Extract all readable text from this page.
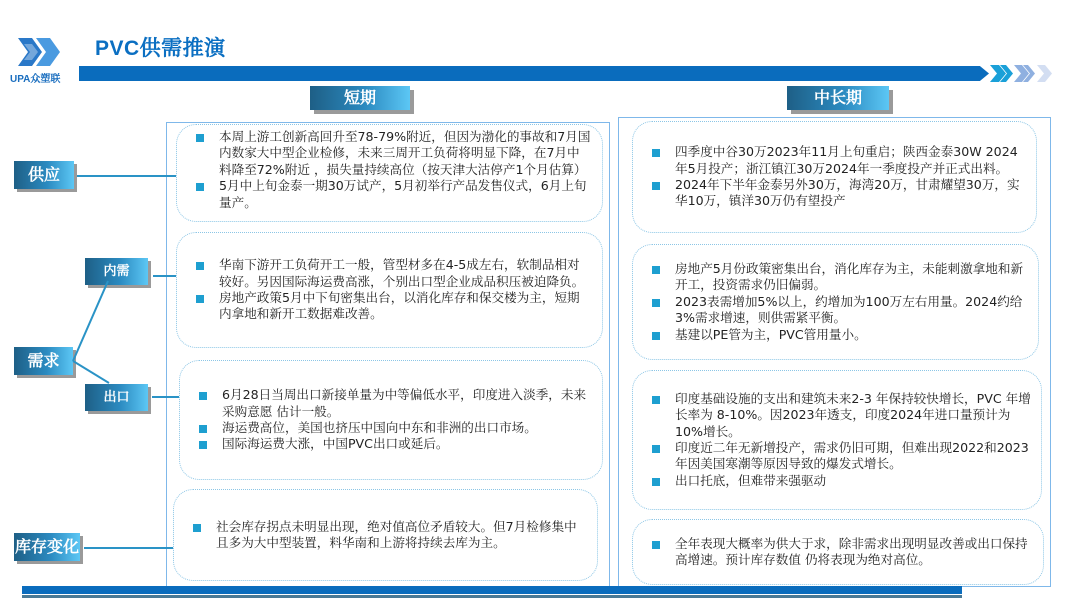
UPA众塑联
PVC供需推演
短期	中长期
供应
内需
需求
出口
库存变化
本周上游工创新高回升至78-79%附近，但因为渤化的事故和7月国内数家大中型企业检修，未来三周开工负荷将明显下降，在7月中料降至72%附近 ，损失量持续高位（按天津大沽停产1个月估算）
5月中上旬金泰一期30万试产，5月初举行产品发售仪式，6月上旬量产。
华南下游开工负荷开工一般，管型材多在4-5成左右，软制品相对较好。另因国际海运费高涨，个别出口型企业成品积压被迫降负。
房地产政策5月中下旬密集出台，以消化库存和保交楼为主，短期内拿地和新开工数据难改善。
6月28日当周出口新接单量为中等偏低水平，印度进入淡季，未来采购意愿 估计一般。
海运费高位，美国也挤压中国向中东和非洲的出口市场。
国际海运费大涨，中国PVC出口或延后。
社会库存拐点未明显出现，绝对值高位矛盾较大。但7月检修集中且多为大中型装置，料华南和上游将持续去库为主。
四季度中谷30万2023年11月上旬重启；陕西金泰30W 2024年5月投产；浙江镇江30万2024年一季度投产并正式出料。
2024年下半年金泰另外30万，海湾20万，甘肃耀望30万，实华10万，镇洋30万仍有望投产
房地产5月份政策密集出台，消化库存为主，未能刺激拿地和新开工，投资需求仍旧偏弱。
2023表需增加5%以上，约增加为100万左右用量。2024约给3%需求增速，则供需紧平衡。
基建以PE管为主，PVC管用量小。
印度基础设施的支出和建筑未来2-3 年保持较快增长，PVC 年增长率为 8-10%。因2023年透支，印度2024年进口量预计为10%增长。
印度近二年无新增投产，需求仍旧可期，但难出现2022和2023年因美国寒潮等原因导致的爆发式增长。
出口托底，但难带来强驱动
全年表现大概率为供大于求，除非需求出现明显改善或出口保持高增速。预计库存数值 仍将表现为绝对高位。
